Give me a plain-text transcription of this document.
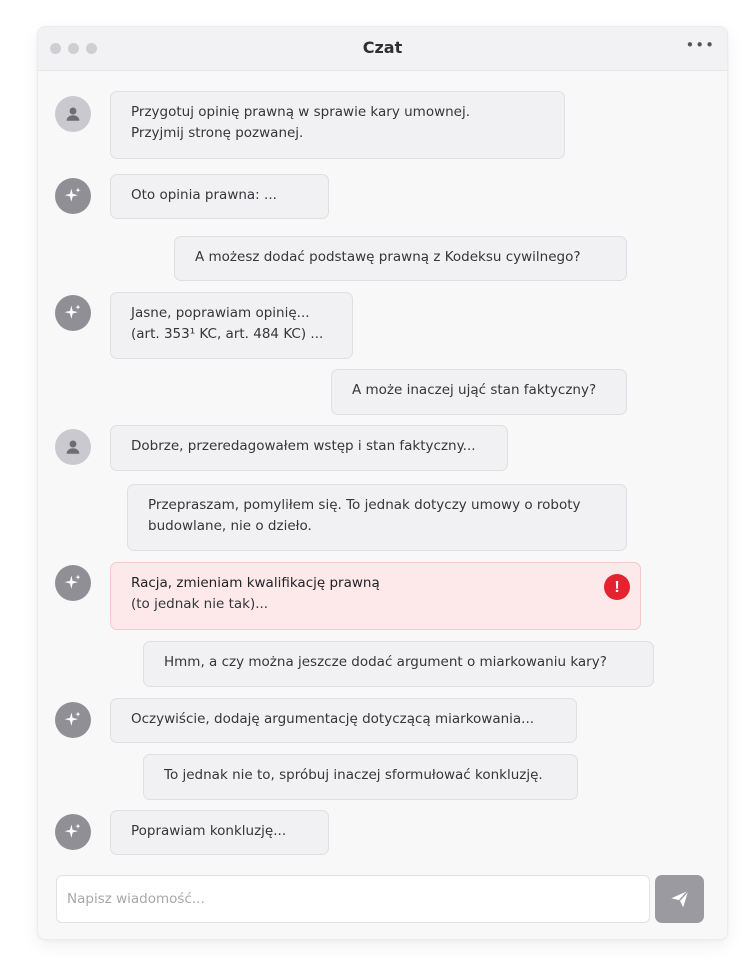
Czat	•••
Przygotuj opinię prawną w sprawie kary umownej.
Przyjmij stronę pozwanej.
Oto opinia prawna: ...
A możesz dodać podstawę prawną z Kodeksu cywilnego?
Jasne, poprawiam opinię...
(art. 353¹ KC, art. 484 KC) ...
A może inaczej ująć stan faktyczny?
Dobrze, przeredagowałem wstęp i stan faktyczny...
Przepraszam, pomyliłem się. To jednak dotyczy umowy o roboty
budowlane, nie o dzieło.
Racja, zmieniam kwalifikację prawną
(to jednak nie tak)...
!
Hmm, a czy można jeszcze dodać argument o miarkowaniu kary?
Oczywiście, dodaję argumentację dotyczącą miarkowania...
To jednak nie to, spróbuj inaczej sformułować konkluzję.
Poprawiam konkluzję...
Napisz wiadomość...
